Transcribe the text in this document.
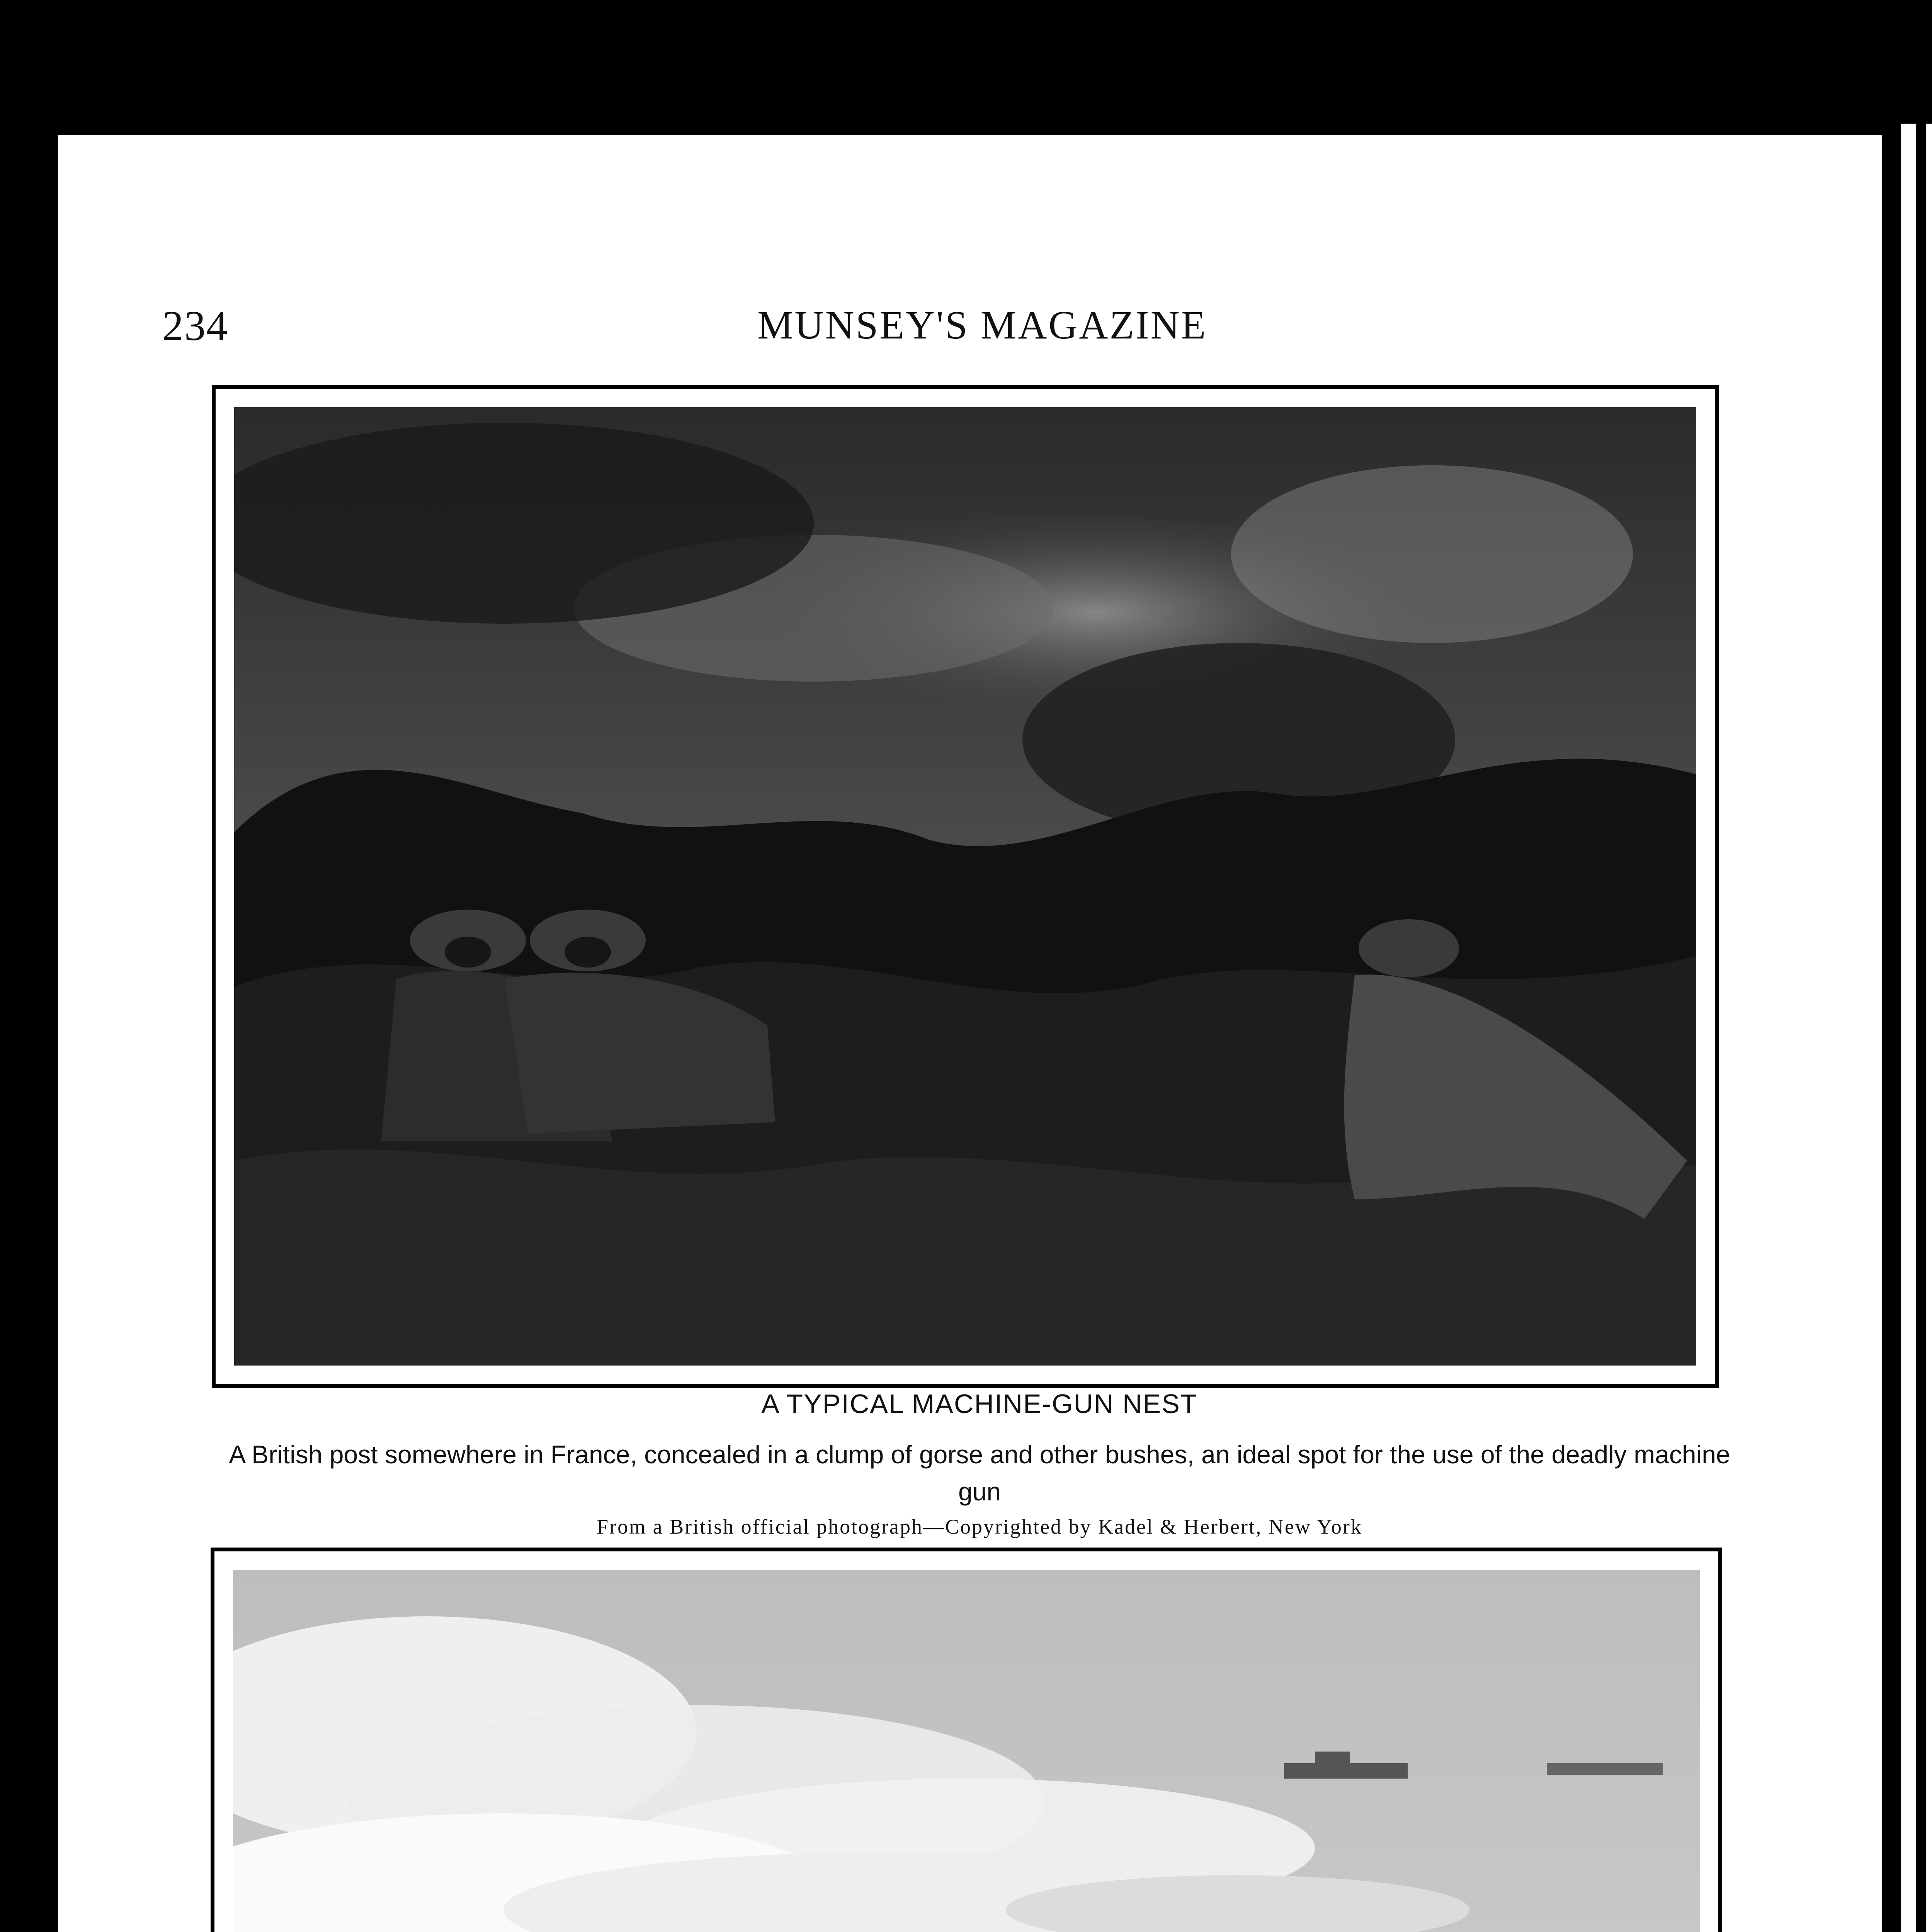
234	MUNSEY'S MAGAZINE
A TYPICAL MACHINE-GUN NEST
A British post somewhere in France, concealed in a clump of gorse and other bushes, an ideal spot for the use of the deadly machine gun
From a British official photograph—Copyrighted by Kadel & Herbert, New York
